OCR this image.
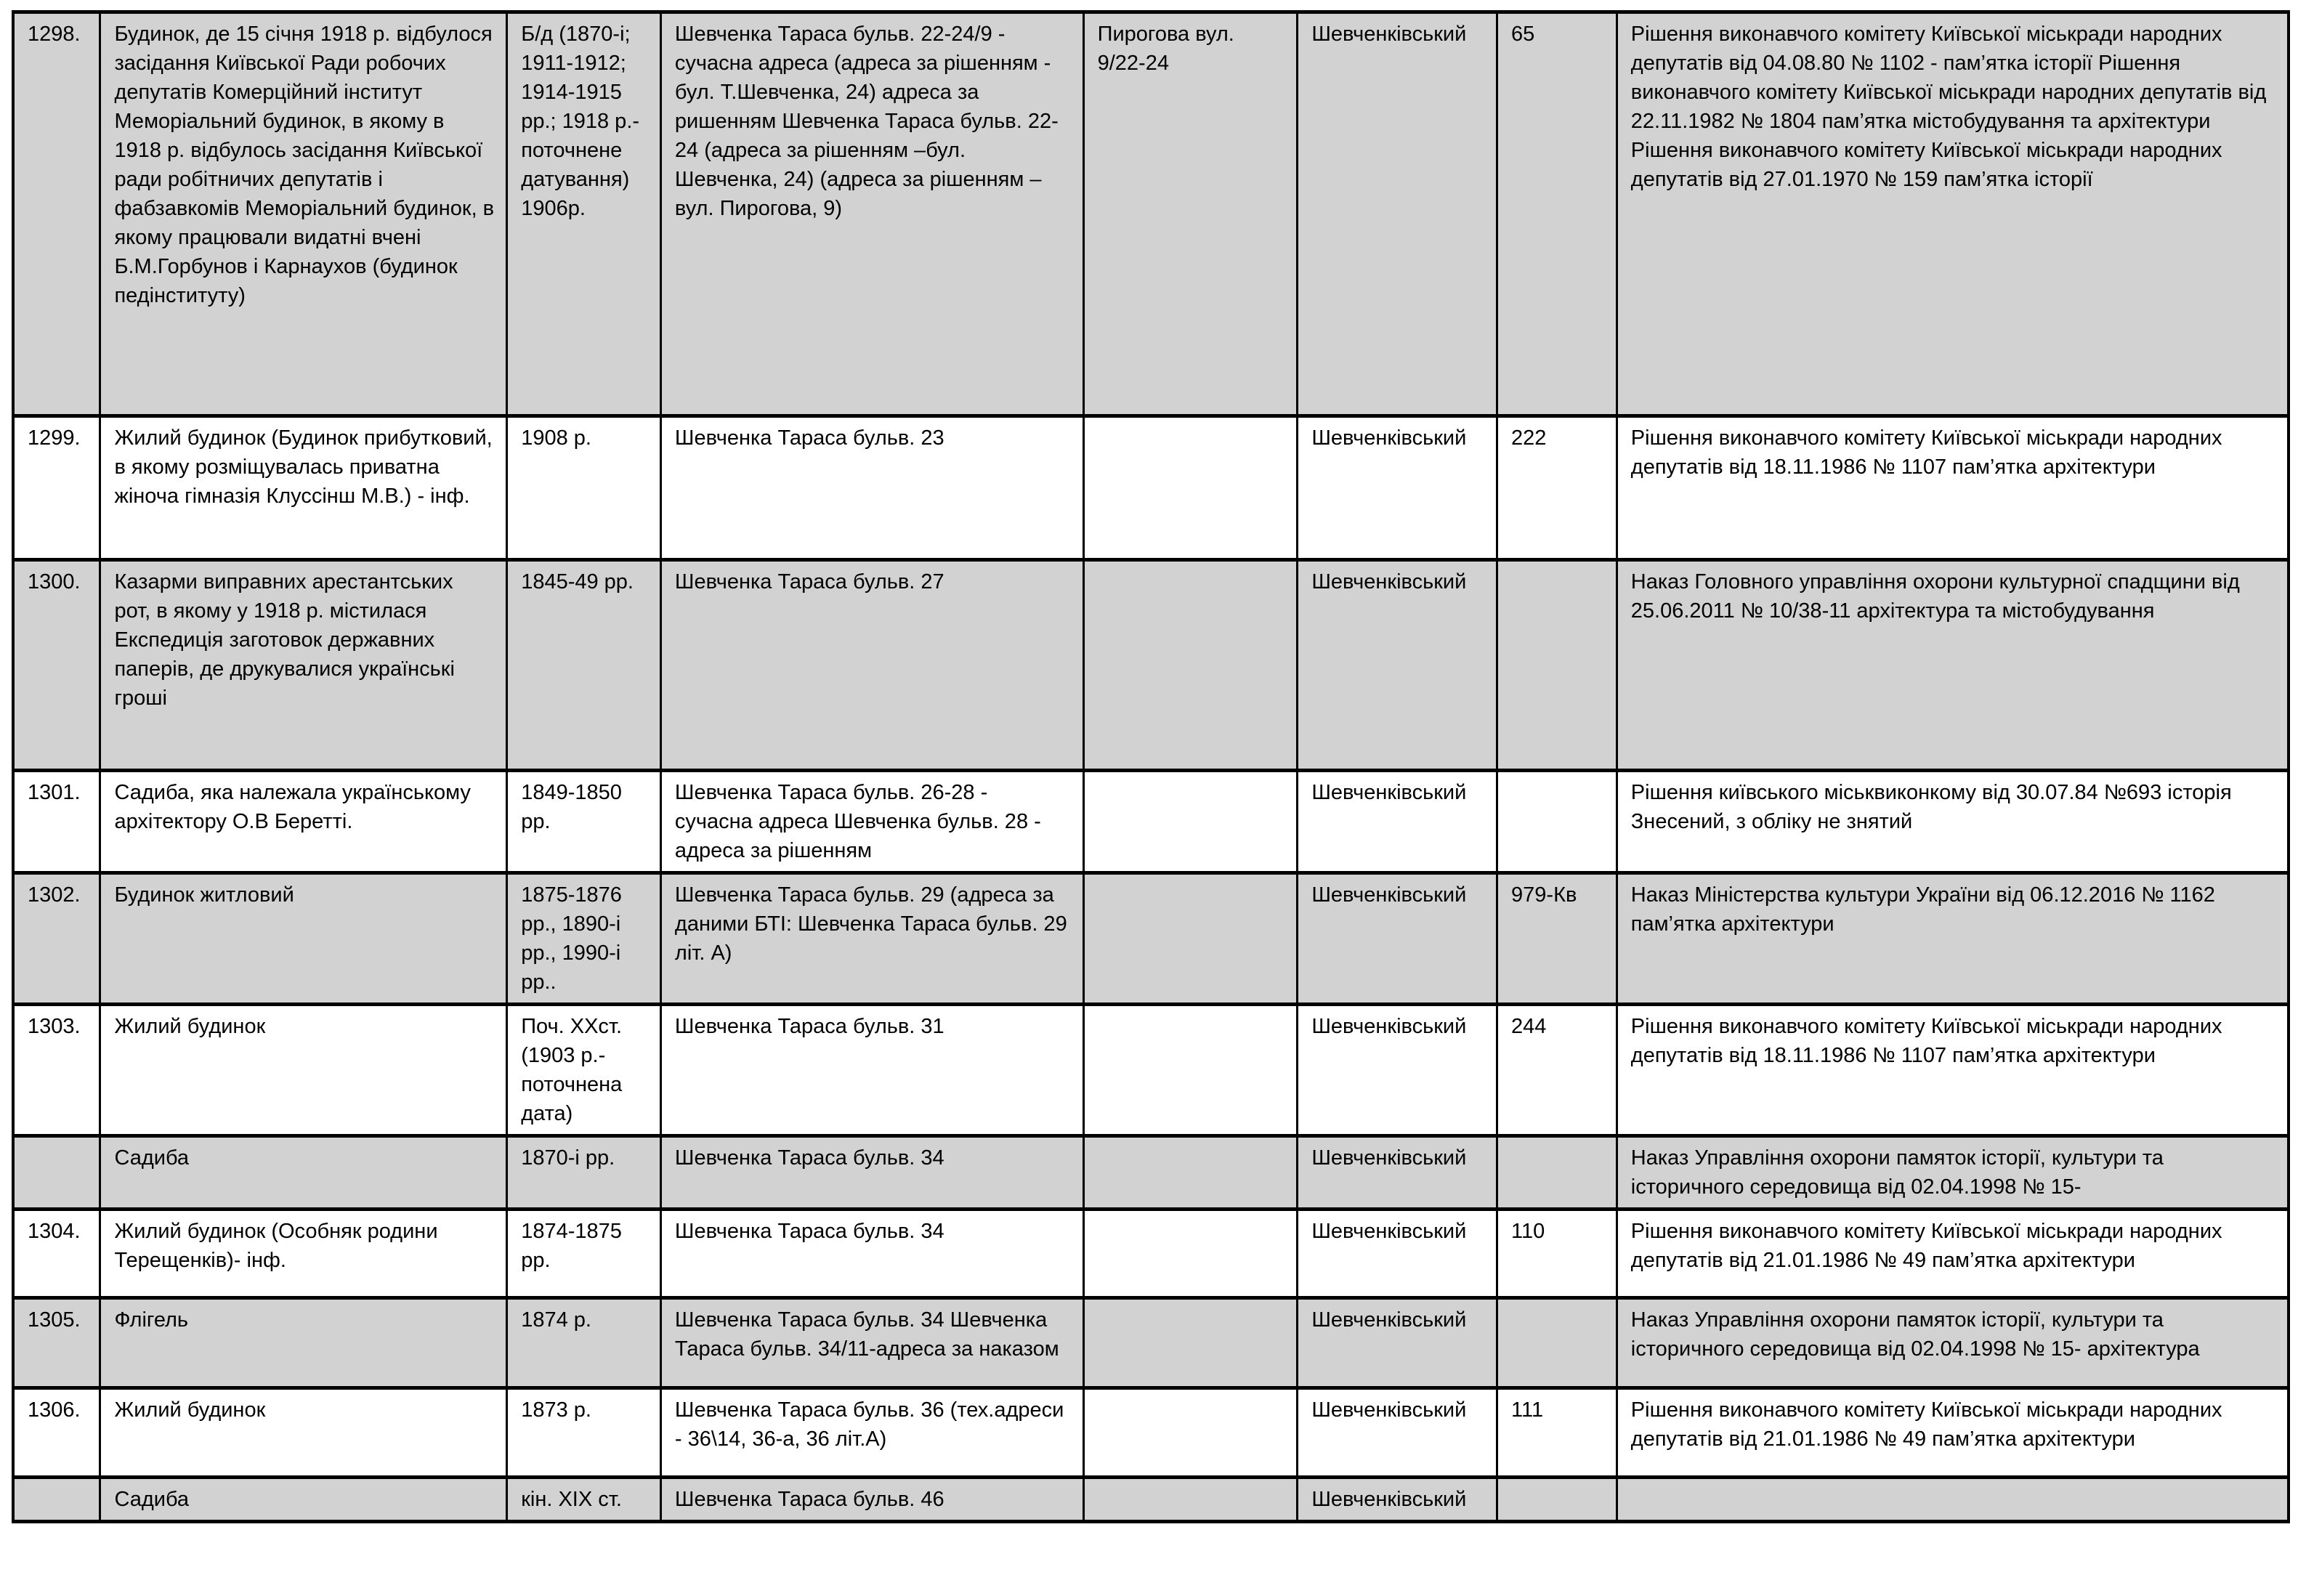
1298.	Будинок, де 15 січня 1918 р. відбулося засідання Київської Ради робочих депутатів Комерційний інститут Меморіальний будинок, в якому в 1918 р. відбулось засідання Київської ради робітничих депутатів і фабзавкомів Меморіальний будинок, в якому працювали видатні вчені Б.М.Горбунов і Карнаухов (будинок педінституту)	Б/д (1870-і; 1911-1912; 1914-1915 рр.; 1918 р.- поточнене датування) 1906р.	Шевченка Тараса бульв. 22-24/9 - сучасна адреса (адреса за рішенням - бул. Т.Шевченка, 24) адреса за ришенням Шевченка Тараса бульв. 22-24 (адреса за рішенням –бул. Шевченка, 24) (адреса за рішенням – вул. Пирогова, 9)	Пирогова вул. 9/22-24	Шевченківський	65	Рішення виконавчого комітету Київської міськради народних депутатів від 04.08.80 № 1102 - пам’ятка історії Рішення виконавчого комітету Київської міськради народних депутатів від 22.11.1982 № 1804 пам’ятка містобудування та архітектури Рішення виконавчого комітету Київської міськради народних депутатів від 27.01.1970 № 159 пам’ятка історії
1299.	Жилий будинок (Будинок прибутковий, в якому розміщувалась приватна жіноча гімназія Клуссінш М.В.) - інф.	1908 р.	Шевченка Тараса бульв. 23		Шевченківський	222	Рішення виконавчого комітету Київської міськради народних депутатів від 18.11.1986 № 1107 пам’ятка архітектури
1300.	Казарми виправних арестантських рот, в якому у 1918 р. містилася Експедиція заготовок державних паперів, де друкувалися українські гроші	1845-49 рр.	Шевченка Тараса бульв. 27		Шевченківський		Наказ Головного управління охорони культурної спадщини від 25.06.2011 № 10/38-11 архітектура та містобудування
1301.	Садиба, яка належала українському архітектору О.В Беретті.	1849-1850 рр.	Шевченка Тараса бульв. 26-28 - сучасна адреса Шевченка бульв. 28 - адреса за рішенням		Шевченківський		Рішення київського міськвиконкому від 30.07.84 №693 історія Знесений, з обліку не знятий
1302.	Будинок житловий	1875-1876 рр., 1890-і рр., 1990-і рр..	Шевченка Тараса бульв. 29 (адреса за даними БТІ: Шевченка Тараса бульв. 29 літ. А)		Шевченківський	979-Кв	Наказ Міністерства культури України від 06.12.2016 № 1162 пам’ятка архітектури
1303.	Жилий будинок	Поч. ХХст. (1903 р.- поточнена дата)	Шевченка Тараса бульв. 31		Шевченківський	244	Рішення виконавчого комітету Київської міськради народних депутатів від 18.11.1986 № 1107 пам’ятка архітектури
	Садиба	1870-і рр.	Шевченка Тараса бульв. 34		Шевченківський		Наказ Управління охорони памяток історії, культури та історичного середовища від 02.04.1998 № 15-
1304.	Жилий будинок (Особняк родини Терещенків)- інф.	1874-1875 рр.	Шевченка Тараса бульв. 34		Шевченківський	110	Рішення виконавчого комітету Київської міськради народних депутатів від 21.01.1986 № 49 пам’ятка архітектури
1305.	Флігель	1874 р.	Шевченка Тараса бульв. 34 Шевченка Тараса бульв. 34/11-адреса за наказом		Шевченківський		Наказ Управління охорони памяток історії, культури та історичного середовища від 02.04.1998 № 15- архітектура
1306.	Жилий будинок	1873 р.	Шевченка Тараса бульв. 36 (тех.адреси - 36\14, 36-а, 36 літ.А)		Шевченківський	111	Рішення виконавчого комітету Київської міськради народних депутатів від 21.01.1986 № 49 пам’ятка архітектури
	Садиба	кін. ХІХ ст.	Шевченка Тараса бульв. 46		Шевченківський		
